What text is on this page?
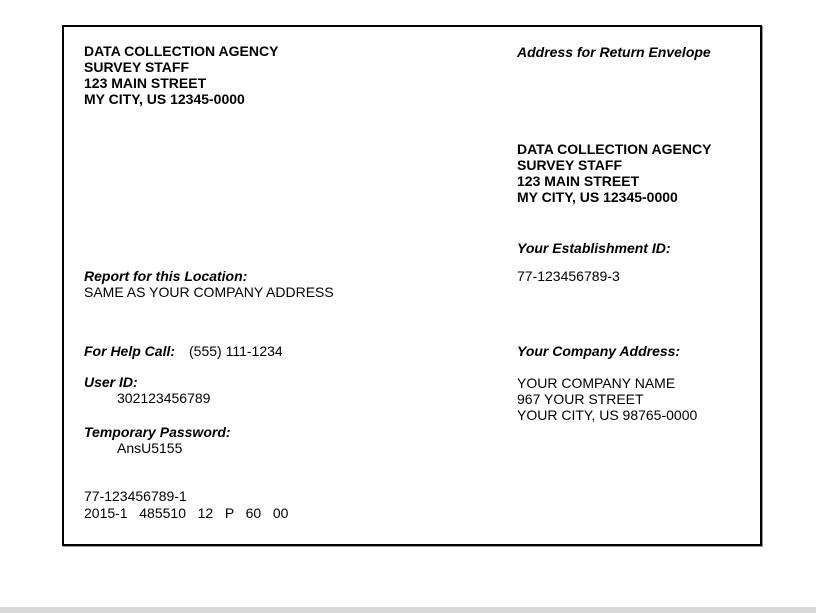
DATA COLLECTION AGENCY
SURVEY STAFF
123 MAIN STREET
MY CITY, US 12345-0000
Report for this Location:
SAME AS YOUR COMPANY ADDRESS
For Help Call: (555) 111-1234
User ID:
302123456789
Temporary Password:
AnsU5155
77-123456789-1
2015-1   485510   12   P   60   00
Address for Return Envelope
DATA COLLECTION AGENCY
SURVEY STAFF
123 MAIN STREET
MY CITY, US 12345-0000
Your Establishment ID:
77-123456789-3
Your Company Address:
YOUR COMPANY NAME
967 YOUR STREET
YOUR CITY, US 98765-0000
